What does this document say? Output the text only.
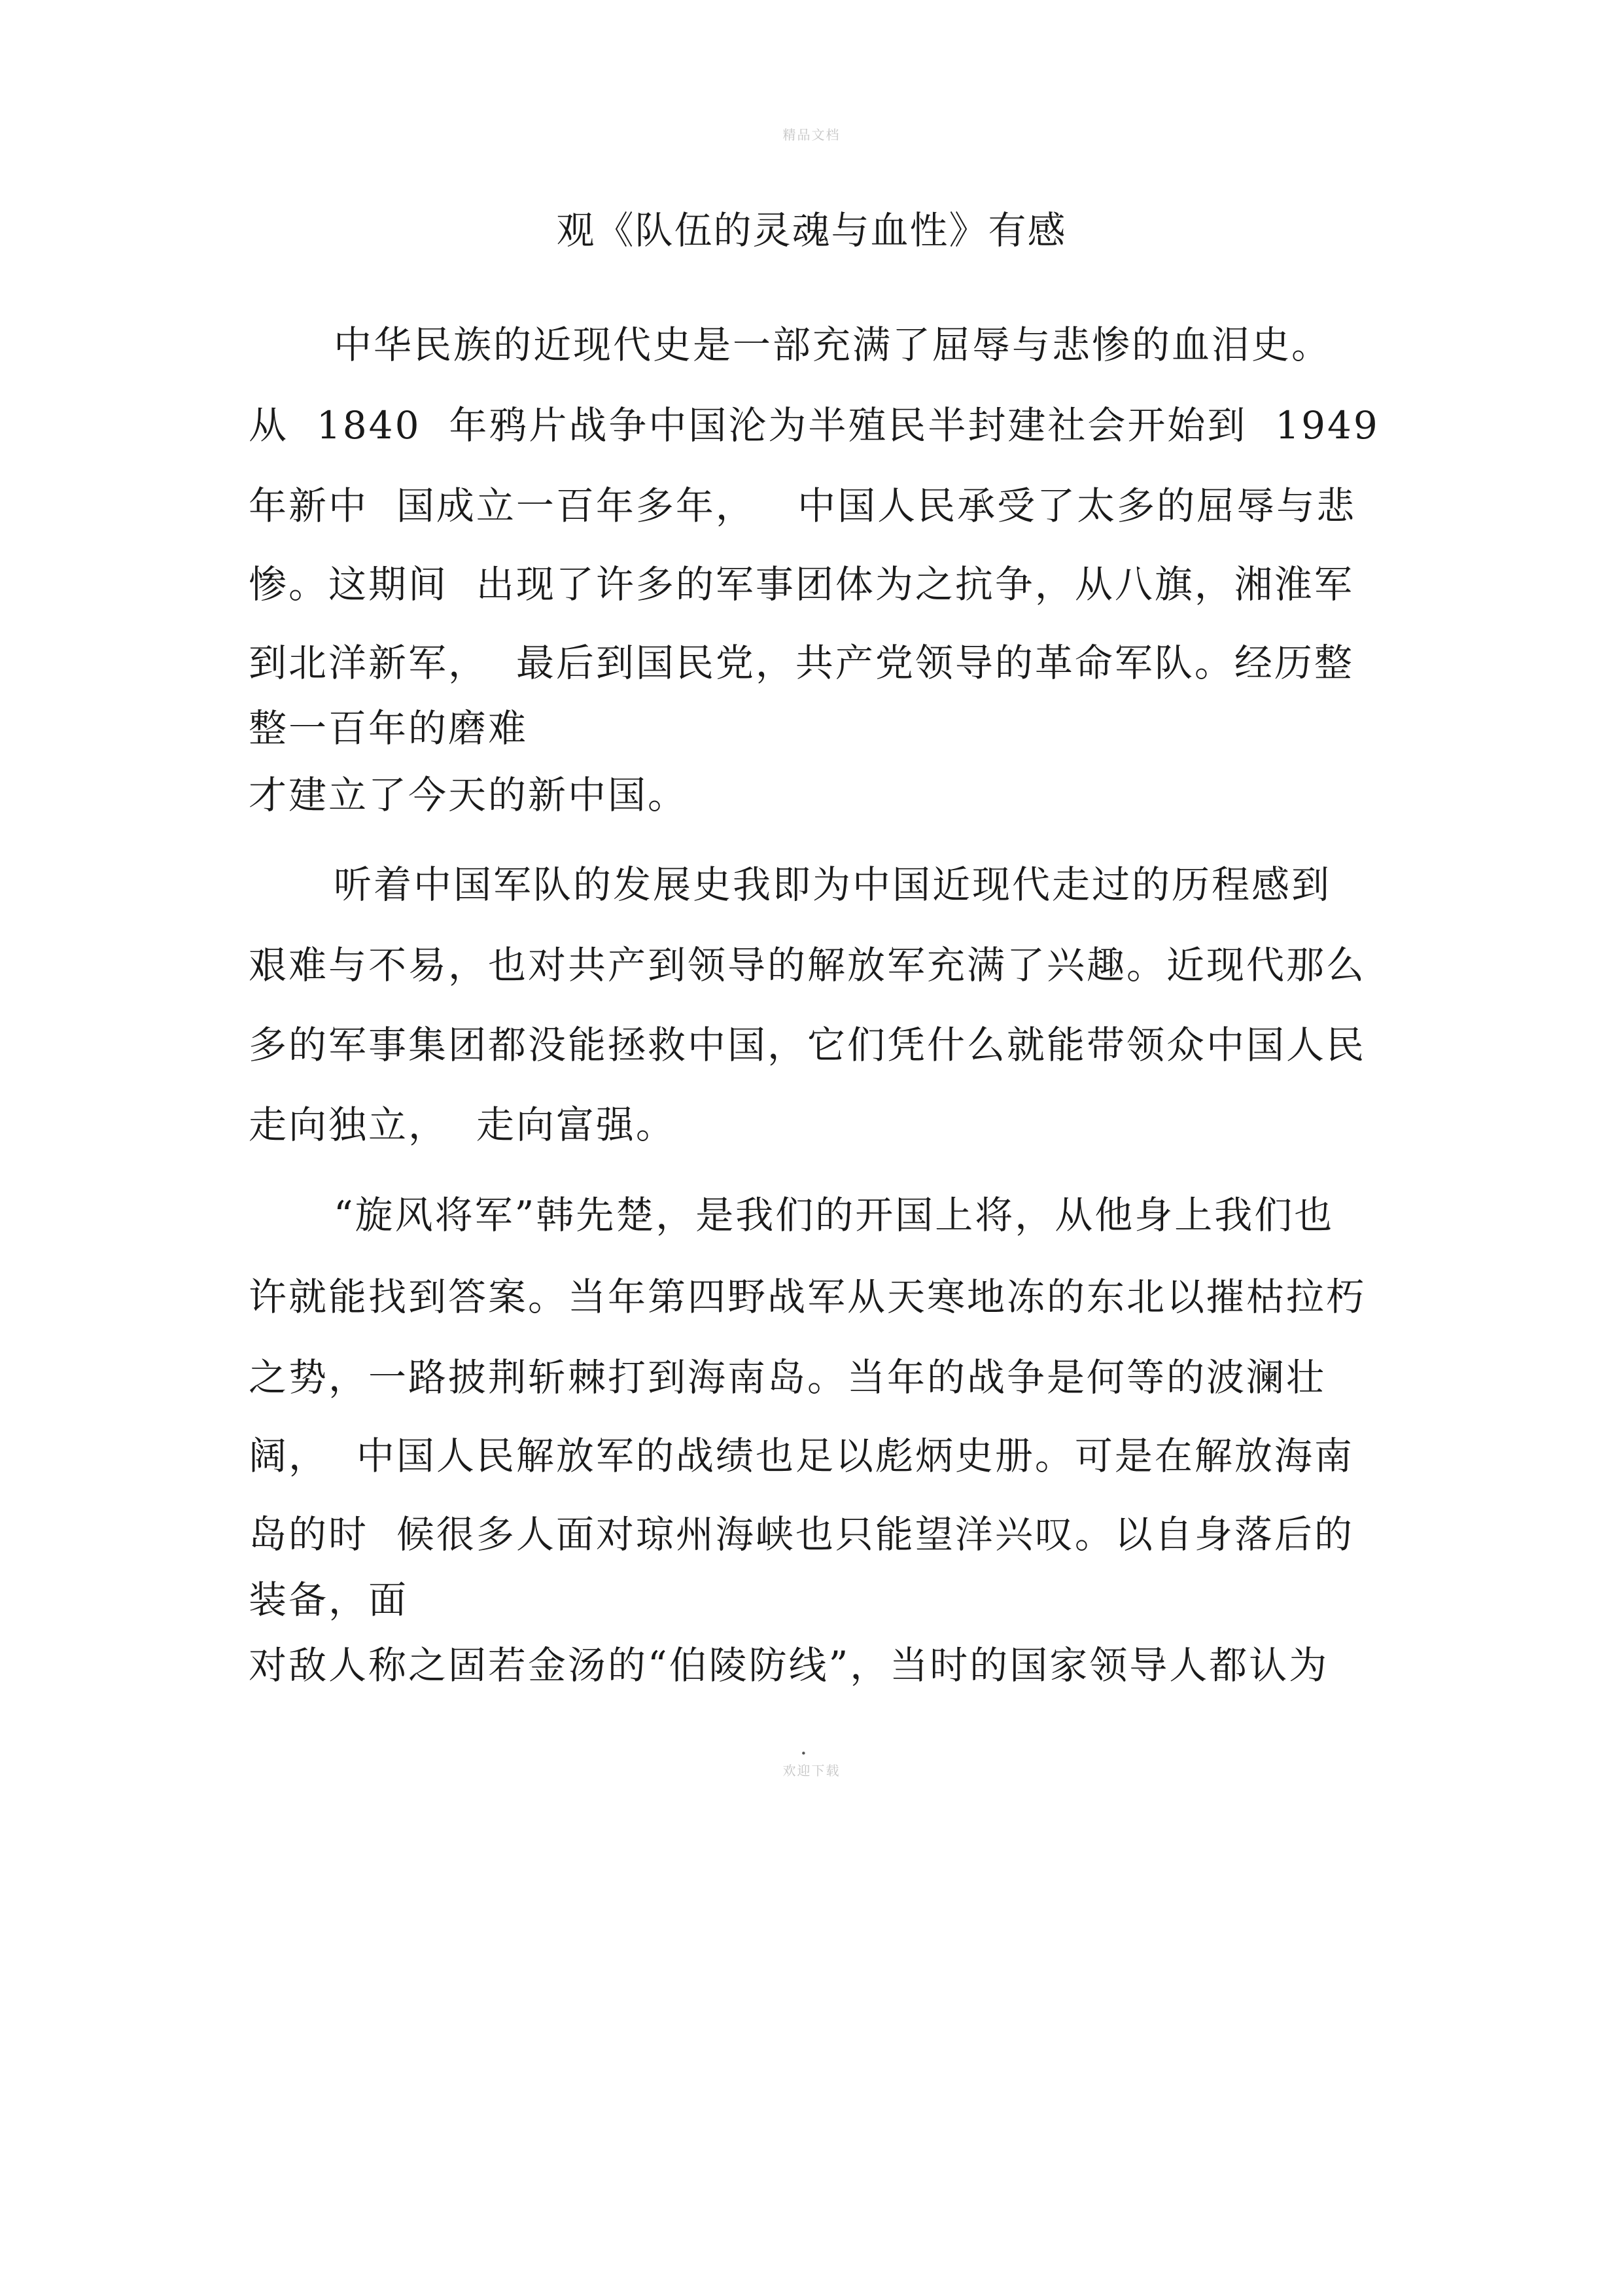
精品文档
观《队伍的灵魂与血性》有感
中华民族的近现代史是一部充满了屈辱与悲惨的血泪史。
从  1840  年鸦片战争中国沦为半殖民半封建社会开始到  1949
年新中  国成立一百年多年，   中国人民承受了太多的屈辱与悲
惨。这期间  出现了许多的军事团体为之抗争，从八旗，湘淮军
到北洋新军，  最后到国民党，共产党领导的革命军队。经历整
整一百年的磨难
才建立了今天的新中国。
听着中国军队的发展史我即为中国近现代走过的历程感到
艰难与不易，也对共产到领导的解放军充满了兴趣。近现代那么
多的军事集团都没能拯救中国，它们凭什么就能带领众中国人民
走向独立，  走向富强。
“旋风将军”韩先楚，是我们的开国上将，从他身上我们也
许就能找到答案。当年第四野战军从天寒地冻的东北以摧枯拉朽
之势，一路披荆斩棘打到海南岛。当年的战争是何等的波澜壮
阔，  中国人民解放军的战绩也足以彪炳史册。可是在解放海南
岛的时  候很多人面对琼州海峡也只能望洋兴叹。以自身落后的
装备，面
对敌人称之固若金汤的“伯陵防线”，当时的国家领导人都认为
·
欢迎下载
